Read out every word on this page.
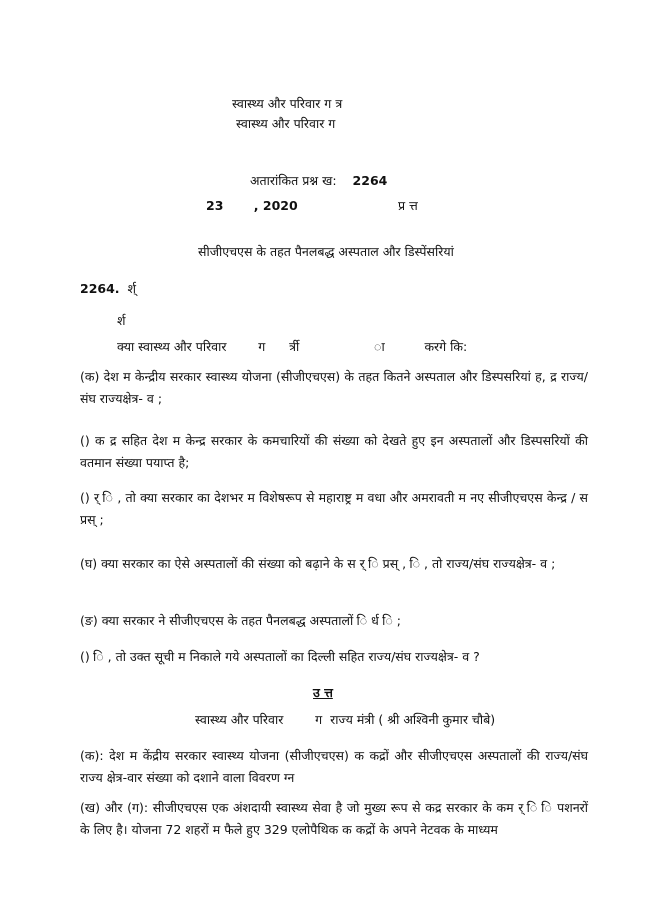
स्वास्थ्य और परिवार ग त्र
स्वास्थ्य और परिवार ग
अतारांकित प्रश्न ख: 2264
23 , 2020	प्र त्त
सीजीएचएस के तहत पैनलबद्ध अस्पताल और डिस्पेंसरियां
2264. र्श्
र्श
क्या स्वास्थ्य और परिवार        ग      र्त्री                   ा          करगे कि:
(क) देश म केन्द्रीय सरकार स्वास्थ्य योजना (सीजीएचएस) के तहत कितने अस्पताल और डिस्पसरियां ह, द्र राज्य/संघ राज्यक्षेत्र- व ;
() क द्र सहित देश म केन्द्र सरकार के कमचारियों की संख्या को देखते हुए इन अस्पतालों और डिस्पसरियों की वतमान संख्या पयाप्त है;
() र् ि , तो क्या सरकार का देशभर म विशेषरूप से महाराष्ट्र म वधा और अमरावती म नए सीजीएचएस केन्द्र / स प्रस् ;
(घ) क्या सरकार का ऐसे अस्पतालों की संख्या को बढ़ाने के स र् ि प्रस् , ि , तो राज्य/संघ राज्यक्षेत्र- व ;
(ङ) क्या सरकार ने सीजीएचएस के तहत पैनलबद्ध अस्पतालों ि र्ध ि ;
() ि , तो उक्त सूची म निकाले गये अस्पतालों का दिल्ली सहित राज्य/संघ राज्यक्षेत्र- व ?
उ त्त
स्वास्थ्य और परिवार        ग  राज्य मंत्री ( श्री अश्विनी कुमार चौबे)
(क): देश म केंद्रीय सरकार स्वास्थ्य योजना (सीजीएचएस) क कद्रों और सीजीएचएस अस्पतालों की राज्य/संघ राज्य क्षेत्र-वार संख्या को दशाने वाला विवरण ग्न
(ख) और (ग): सीजीएचएस एक अंशदायी स्वास्थ्य सेवा है जो मुख्य रूप से कद्र सरकार के कम र् ि ि पशनरों के लिए है। योजना 72 शहरों म फैले हुए 329 एलोपैथिक क कद्रों के अपने नेटवक के माध्यम
